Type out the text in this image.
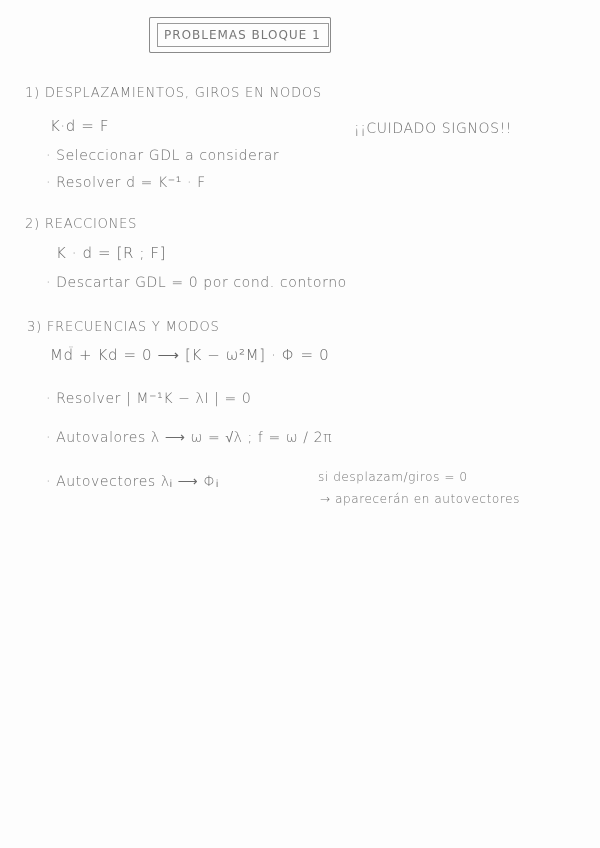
PROBLEMAS BLOQUE 1
1) DESPLAZAMIENTOS, GIROS EN NODOS
K·d = F	¡¡CUIDADO SIGNOS!!
· Seleccionar GDL a considerar
· Resolver d = K⁻¹ · F
2) REACCIONES
K · d = [R ; F]
· Descartar GDL = 0 por cond. contorno
3) FRECUENCIAS Y MODOS
Md̈ + Kd = 0 ⟶ [K − ω²M] · Φ = 0
· Resolver | M⁻¹K − λI | = 0
· Autovalores λ ⟶ ω = √λ ; f = ω / 2π
· Autovectores λᵢ ⟶ Φᵢ	si desplazam/giros = 0
→ aparecerán en autovectores
